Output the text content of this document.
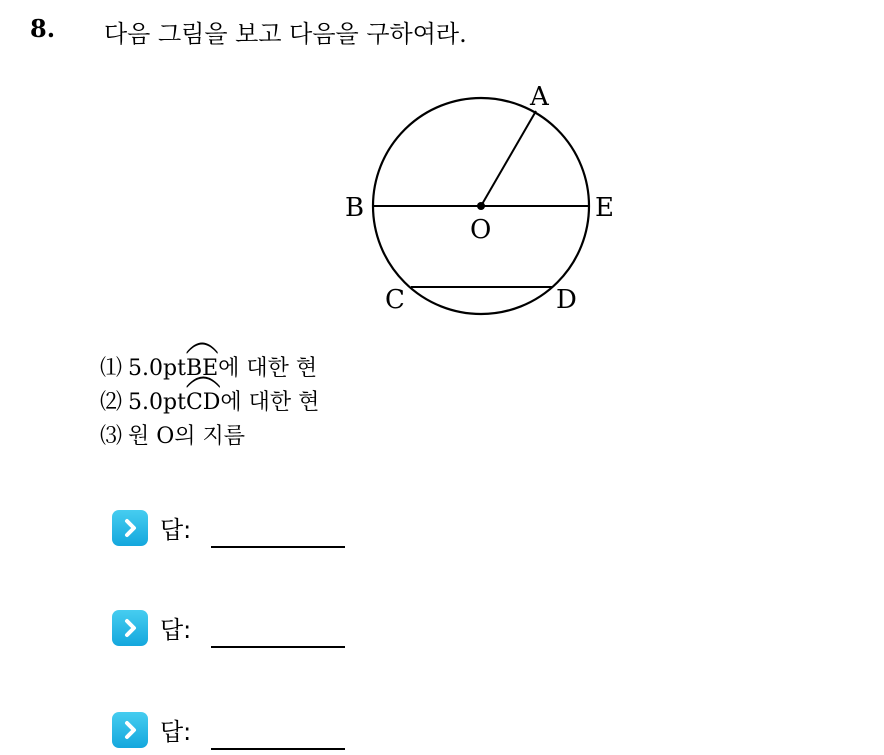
8. 다음 그림을 보고 다음을 구하여라.
A
B	E
O
C	D
⑴ 5.0pt
BE에 대한 현
⑵ 5.0pt
CD에 대한 현
⑶ 원 O의 지름
답:
답:
답:
